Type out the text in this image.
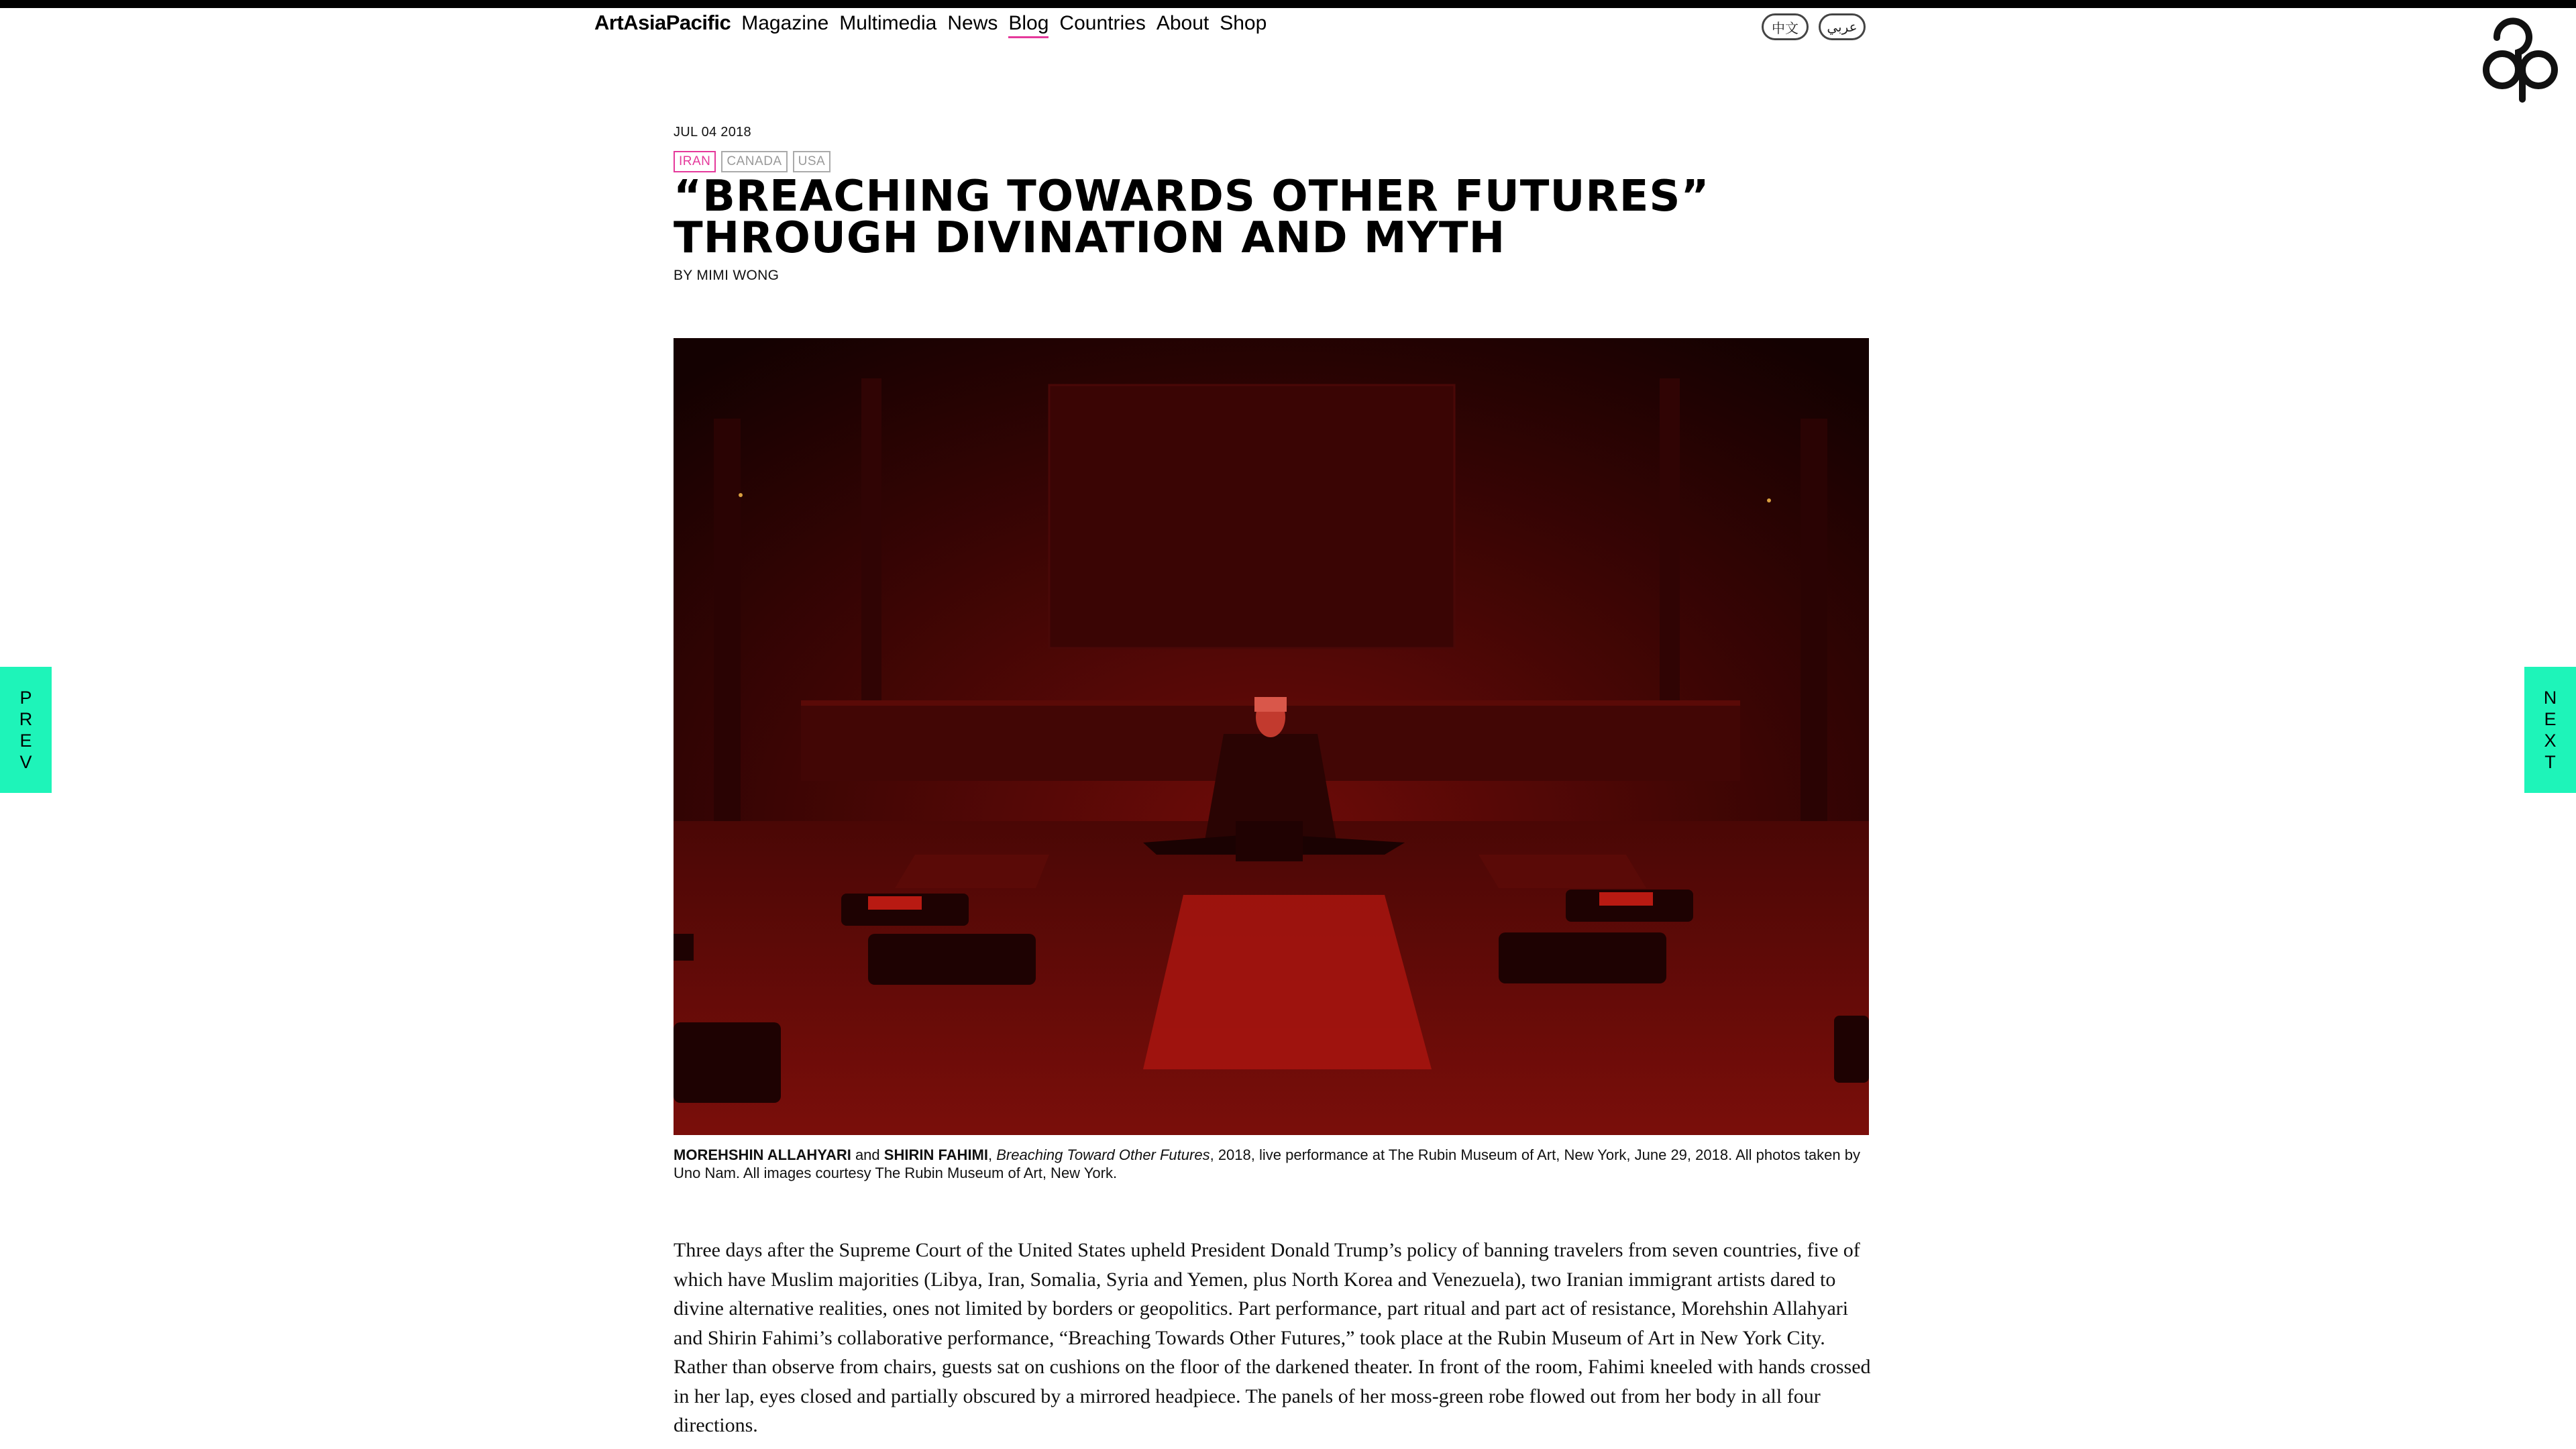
ArtAsiaPacific Magazine Multimedia News Blog Countries About Shop	中文	عربي
P
R
E
V
N
E
X
T
JUL 04 2018
IRAN	CANADA	USA
“BREACHING TOWARDS OTHER FUTURES” THROUGH DIVINATION AND MYTH
BY MIMI WONG
MOREHSHIN ALLAHYARI and SHIRIN FAHIMI, Breaching Toward Other Futures, 2018, live performance at The Rubin Museum of Art, New York, June 29, 2018. All photos taken by Uno Nam. All images courtesy The Rubin Museum of Art, New York.

Three days after the Supreme Court of the United States upheld President Donald Trump’s policy of banning travelers from seven countries, five of which have Muslim majorities (Libya, Iran, Somalia, Syria and Yemen, plus North Korea and Venezuela), two Iranian immigrant artists dared to divine alternative realities, ones not limited by borders or geopolitics. Part performance, part ritual and part act of resistance, Morehshin Allahyari and Shirin Fahimi’s collaborative performance, “Breaching Towards Other Futures,” took place at the Rubin Museum of Art in New York City. Rather than observe from chairs, guests sat on cushions on the floor of the darkened theater. In front of the room, Fahimi kneeled with hands crossed in her lap, eyes closed and partially obscured by a mirrored headpiece. The panels of her moss-green robe flowed out from her body in all four directions.
